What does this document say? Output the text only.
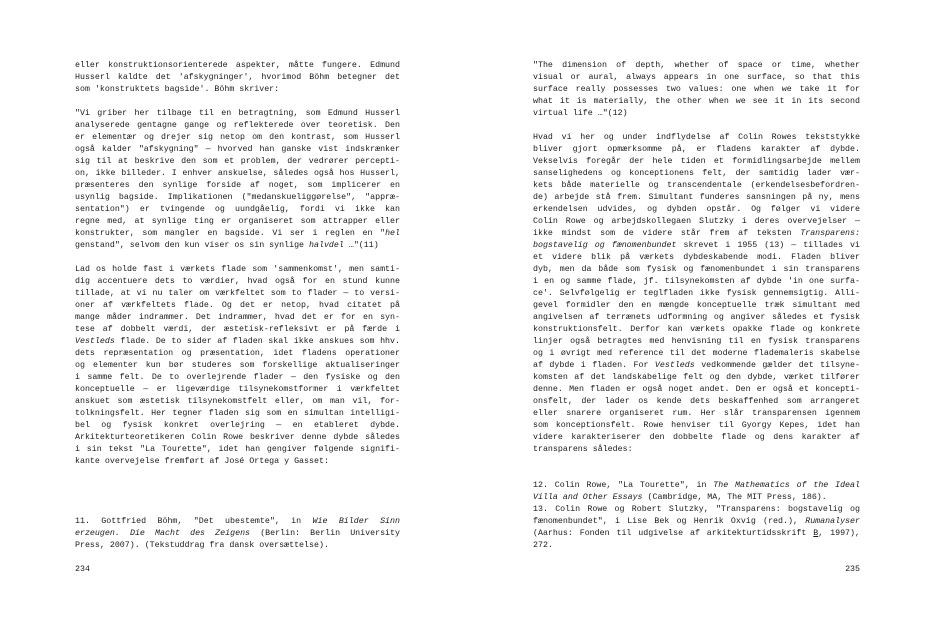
eller konstruktionsorienterede aspekter, måtte fungere. Edmund
Husserl kaldte det 'afskygninger', hvorimod Böhm betegner det
som 'konstruktets bagside'. Böhm skriver:
"Vi griber her tilbage til en betragtning, som Edmund Husserl
analyserede gentagne gange og reflekterede over teoretisk. Den
er elementær og drejer sig netop om den kontrast, som Husserl
også kalder "afskygning" — hvorved han ganske vist indskrænker
sig til at beskrive den som et problem, der vedrører percepti-
on, ikke billeder. I enhver anskuelse, således også hos Husserl,
præsenteres den synlige forside af noget, som implicerer en
usynlig bagside. Implikationen ("medanskueliggørelse", "appræ-
sentation") er tvingende og uundgåelig, fordi vi ikke kan
regne med, at synlige ting er organiseret som attrapper eller
konstrukter, som mangler en bagside. Vi ser i reglen en "hel
genstand", selvom den kun viser os sin synlige halvdel …"(11)
Lad os holde fast i værkets flade som 'sammenkomst', men samti-
dig accentuere dets to værdier, hvad også for en stund kunne
tillade, at vi nu taler om værkfeltet som to flader — to versi-
oner af værkfeltets flade. Og det er netop, hvad citatet på
mange måder indrammer. Det indrammer, hvad det er for en syn-
tese af dobbelt værdi, der æstetisk-refleksivt er på færde i
Vestleds flade. De to sider af fladen skal ikke anskues som hhv.
dets repræsentation og præsentation, idet fladens operationer
og elementer kun bør studeres som forskellige aktualiseringer
i samme felt. De to overlejrende flader — den fysiske og den
konceptuelle — er ligeværdige tilsynekomstformer i værkfeltet
anskuet som æstetisk tilsynekomstfelt eller, om man vil, for-
tolkningsfelt. Her tegner fladen sig som en simultan intelligi-
bel og fysisk konkret overlejring — en etableret dybde.
Arkitekturteoretikeren Colin Rowe beskriver denne dybde således
i sin tekst "La Tourette", idet han gengiver følgende signifi-
kante overvejelse fremført af José Ortega y Gasset:
11. Gottfried Böhm, "Det ubestemte", in Wie Bilder Sinn
erzeugen. Die Macht des Zeigens (Berlin: Berlin University
Press, 2007). (Tekstuddrag fra dansk oversættelse).
234
"The dimension of depth, whether of space or time, whether
visual or aural, always appears in one surface, so that this
surface really possesses two values: one when we take it for
what it is materially, the other when we see it in its second
virtual life …"(12)
Hvad vi her og under indflydelse af Colin Rowes tekststykke
bliver gjort opmærksomme på, er fladens karakter af dybde.
Vekselvis foregår der hele tiden et formidlingsarbejde mellem
sanselighedens og konceptionens felt, der samtidig lader vær-
kets både materielle og transcendentale (erkendelsesbefordren-
de) arbejde stå frem. Simultant funderes sansningen på ny, mens
erkendelsen udvides, og dybden opstår. Og følger vi videre
Colin Rowe og arbejdskollegaen Slutzky i deres overvejelser —
ikke mindst som de videre står frem af teksten Transparens:
bogstavelig og fænomenbundet skrevet i 1955 (13) — tillades vi
et videre blik på værkets dybdeskabende modi. Fladen bliver
dyb, men da både som fysisk og fænomenbundet i sin transparens
i en og samme flade, jf. tilsynekomsten af dybde 'in one surfa-
ce'. Selvfølgelig er teglfladen ikke fysisk gennemsigtig. Alli-
gevel formidler den en mængde konceptuelle træk simultant med
angivelsen af terrænets udformning og angiver således et fysisk
konstruktionsfelt. Derfor kan værkets opakke flade og konkrete
linjer også betragtes med henvisning til en fysisk transparens
og i øvrigt med reference til det moderne flademaleris skabelse
af dybde i fladen. For Vestleds vedkommende gælder det tilsyne-
komsten af det landskabelige felt og den dybde, værket tilfører
denne. Men fladen er også noget andet. Den er også et koncepti-
onsfelt, der lader os kende dets beskaffenhed som arrangeret
eller snarere organiseret rum. Her slår transparensen igennem
som konceptionsfelt. Rowe henviser til Gyorgy Kepes, idet han
videre karakteriserer den dobbelte flade og dens karakter af
transparens således:
12. Colin Rowe, "La Tourette", in The Mathematics of the Ideal
Villa and Other Essays (Cambridge, MA, The MIT Press, 186).
13. Colin Rowe og Robert Slutzky, "Transparens: bogstavelig og
fænomenbundet", i Lise Bek og Henrik Oxvig (red.), Rumanalyser
(Aarhus: Fonden til udgivelse af arkitekturtidsskrift B, 1997),
272.
235
